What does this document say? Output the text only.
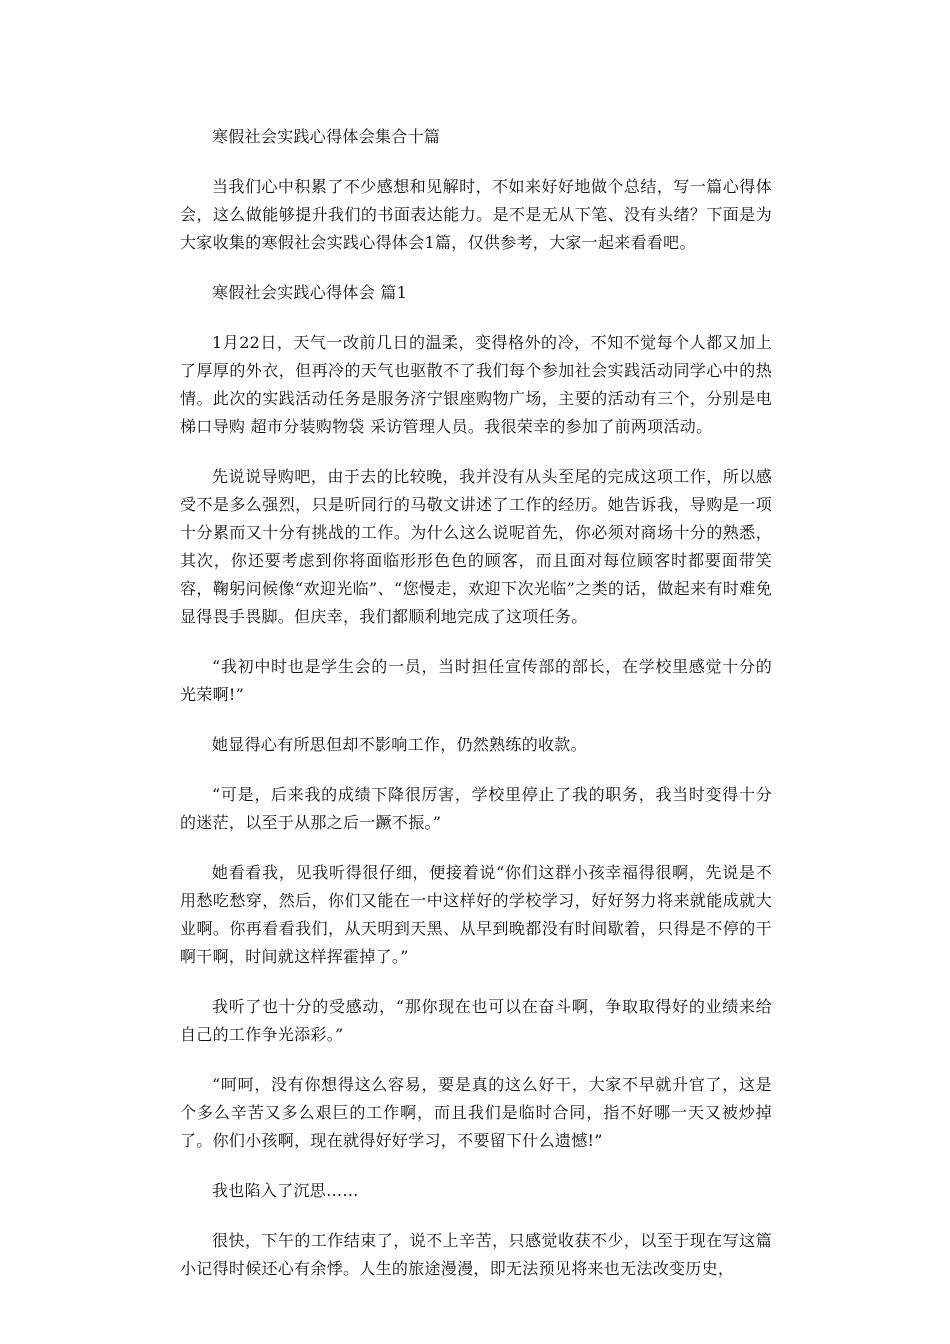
寒假社会实践心得体会集合十篇

当我们心中积累了不少感想和见解时，不如来好好地做个总结，写一篇心得体会，这么做能够提升我们的书面表达能力。是不是无从下笔、没有头绪？下面是为大家收集的寒假社会实践心得体会1篇，仅供参考，大家一起来看看吧。

寒假社会实践心得体会 篇1

1月22日，天气一改前几日的温柔，变得格外的冷，不知不觉每个人都又加上了厚厚的外衣，但再冷的天气也驱散不了我们每个参加社会实践活动同学心中的热情。此次的实践活动任务是服务济宁银座购物广场，主要的活动有三个，分别是电梯口导购 超市分装购物袋 采访管理人员。我很荣幸的参加了前两项活动。

先说说导购吧，由于去的比较晚，我并没有从头至尾的完成这项工作，所以感受不是多么强烈，只是听同行的马敬文讲述了工作的经历。她告诉我，导购是一项十分累而又十分有挑战的工作。为什么这么说呢首先，你必须对商场十分的熟悉，其次，你还要考虑到你将面临形形色色的顾客，而且面对每位顾客时都要面带笑容，鞠躬问候像“欢迎光临”、“您慢走，欢迎下次光临”之类的话，做起来有时难免显得畏手畏脚。但庆幸，我们都顺利地完成了这项任务。

“我初中时也是学生会的一员，当时担任宣传部的部长，在学校里感觉十分的光荣啊!”

她显得心有所思但却不影响工作，仍然熟练的收款。

“可是，后来我的成绩下降很厉害，学校里停止了我的职务，我当时变得十分的迷茫，以至于从那之后一蹶不振。”

她看看我，见我听得很仔细，便接着说“你们这群小孩幸福得很啊，先说是不用愁吃愁穿，然后，你们又能在一中这样好的学校学习，好好努力将来就能成就大业啊。你再看看我们，从天明到天黑、从早到晚都没有时间歇着，只得是不停的干啊干啊，时间就这样挥霍掉了。”

我听了也十分的受感动，“那你现在也可以在奋斗啊，争取取得好的业绩来给自己的工作争光添彩。”

“呵呵，没有你想得这么容易，要是真的这么好干，大家不早就升官了，这是个多么辛苦又多么艰巨的工作啊，而且我们是临时合同，指不好哪一天又被炒掉了。你们小孩啊，现在就得好好学习，不要留下什么遗憾!”

我也陷入了沉思……

很快，下午的工作结束了，说不上辛苦，只感觉收获不少，以至于现在写这篇小记得时候还心有余悸。人生的旅途漫漫，即无法预见将来也无法改变历史，
